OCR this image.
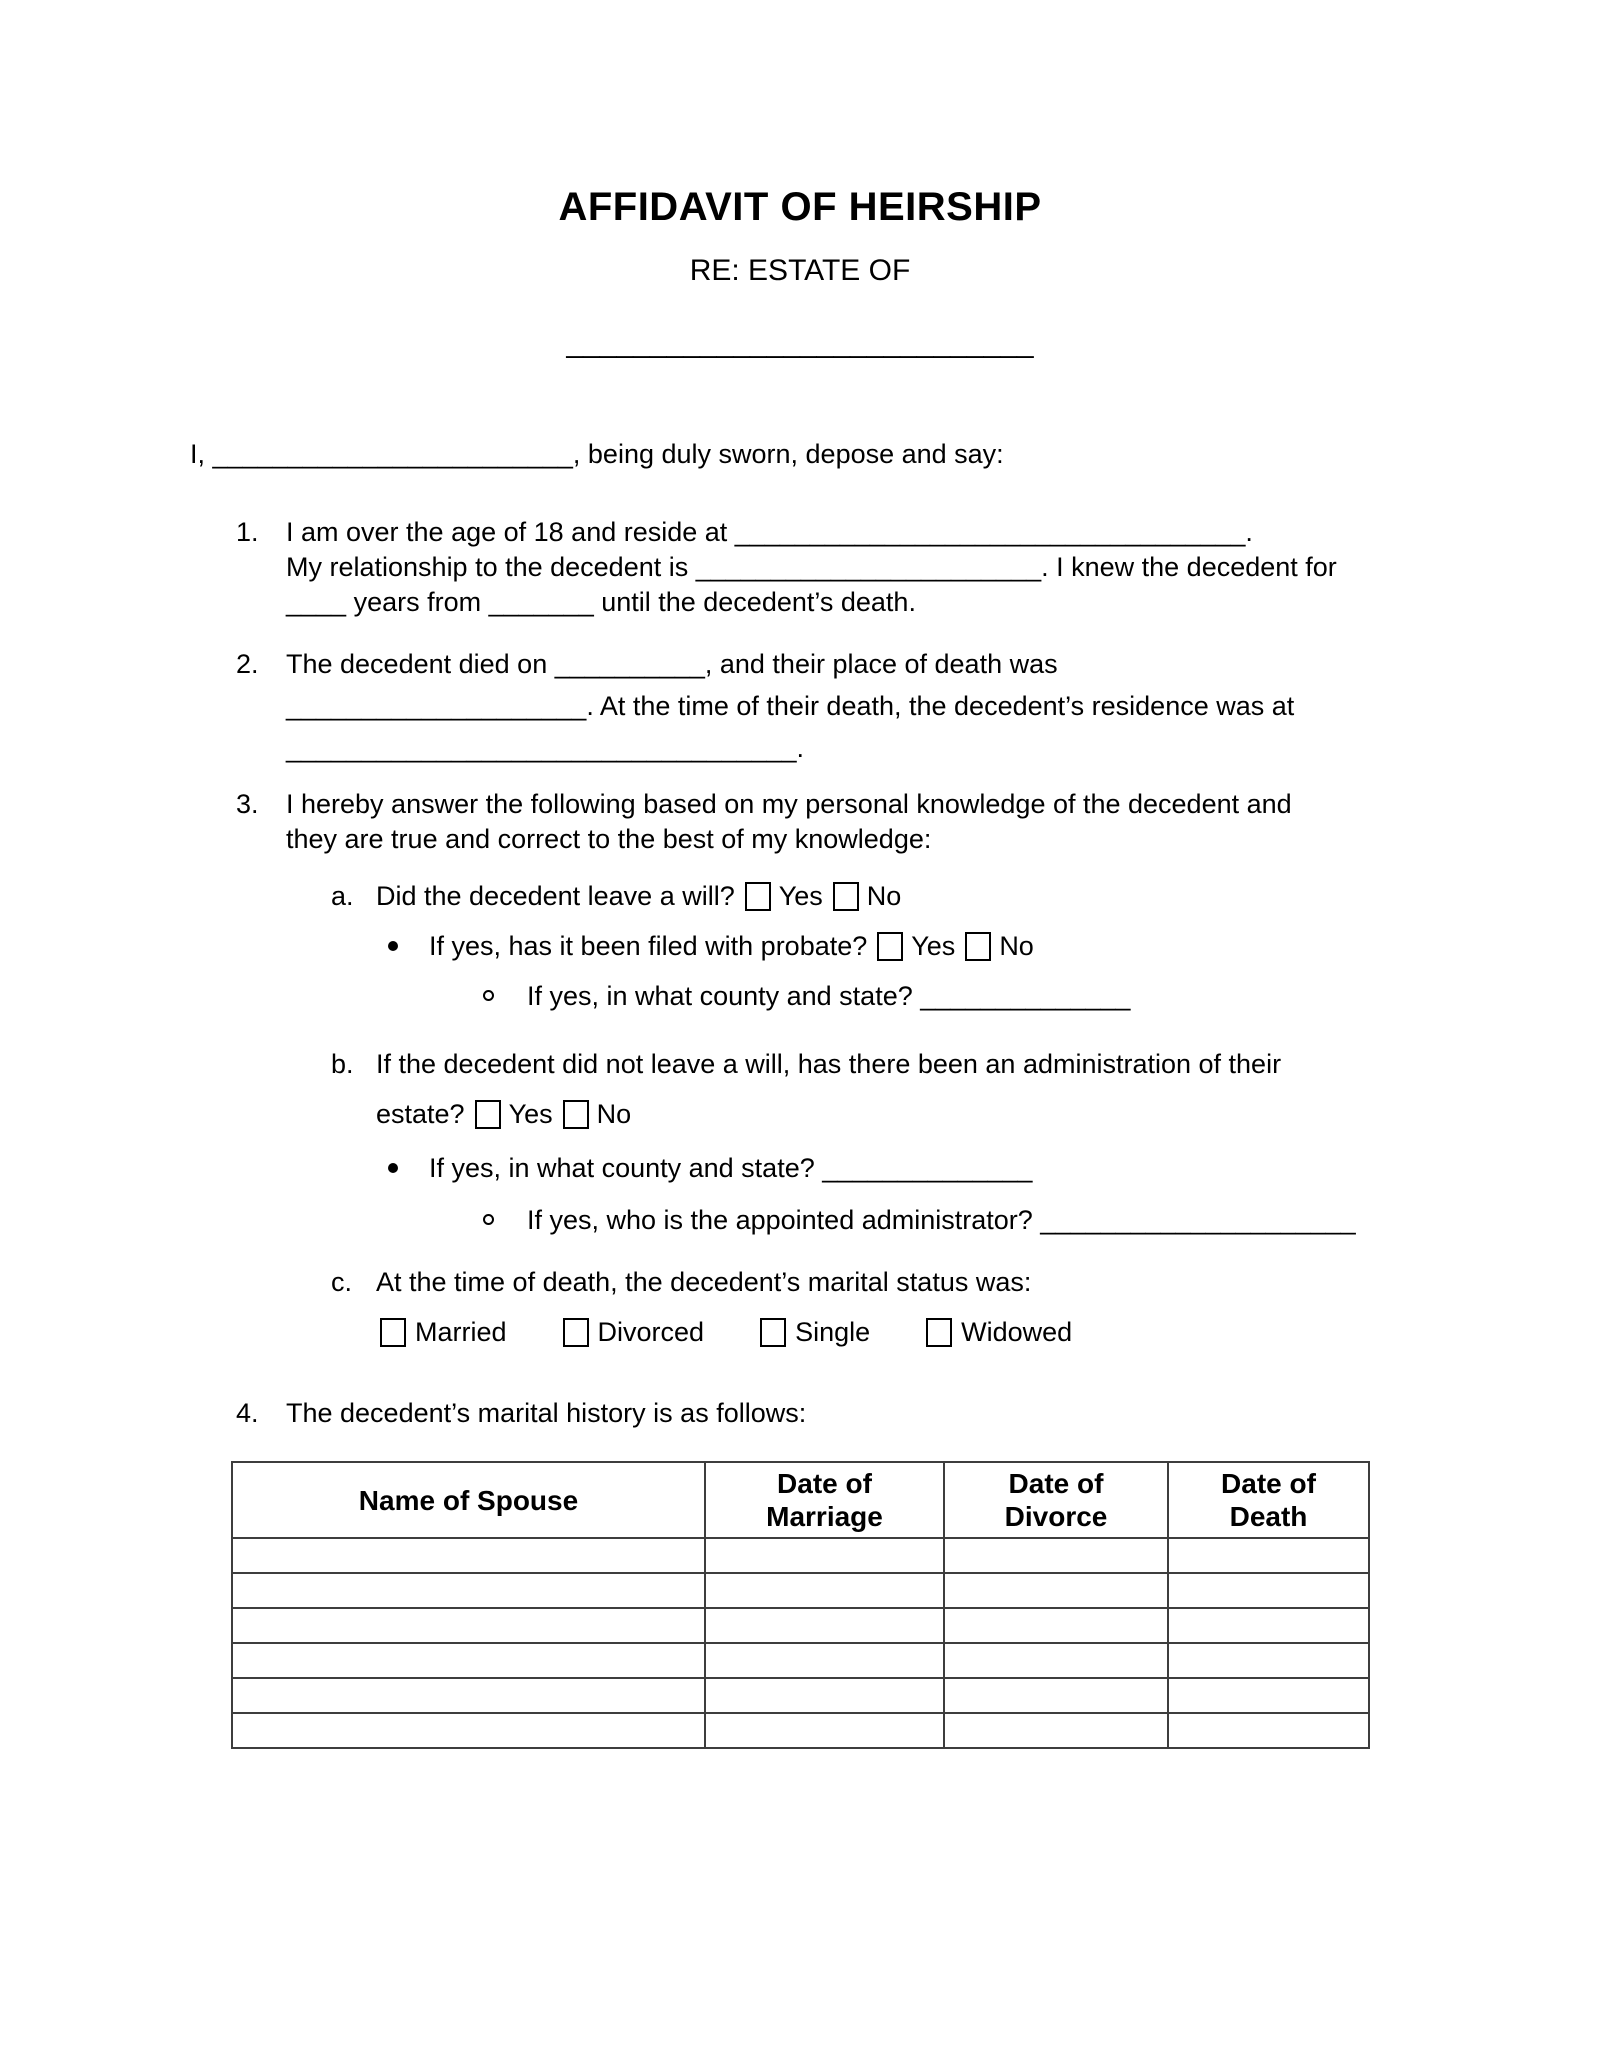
AFFIDAVIT OF HEIRSHIP
RE: ESTATE OF
____________________________
I, ________________________, being duly sworn, depose and say:
1. I am over the age of 18 and reside at __________________________________.
My relationship to the decedent is _______________________. I knew the decedent for
____ years from _______ until the decedent’s death.
2. The decedent died on __________, and their place of death was
____________________. At the time of their death, the decedent’s residence was at
__________________________________.
3. I hereby answer the following based on my personal knowledge of the decedent and
they are true and correct to the best of my knowledge:
a. Did the decedent leave a will? Yes No
If yes, has it been filed with probate? Yes No
If yes, in what county and state? ______________
b. If the decedent did not leave a will, has there been an administration of their
estate? Yes No
If yes, in what county and state? ______________
If yes, who is the appointed administrator? _____________________
c. At the time of death, the decedent’s marital status was:
Married	Divorced	Single	Widowed
4. The decedent’s marital history is as follows:
Name of Spouse	Date of Marriage	Date of Divorce	Date of Death
